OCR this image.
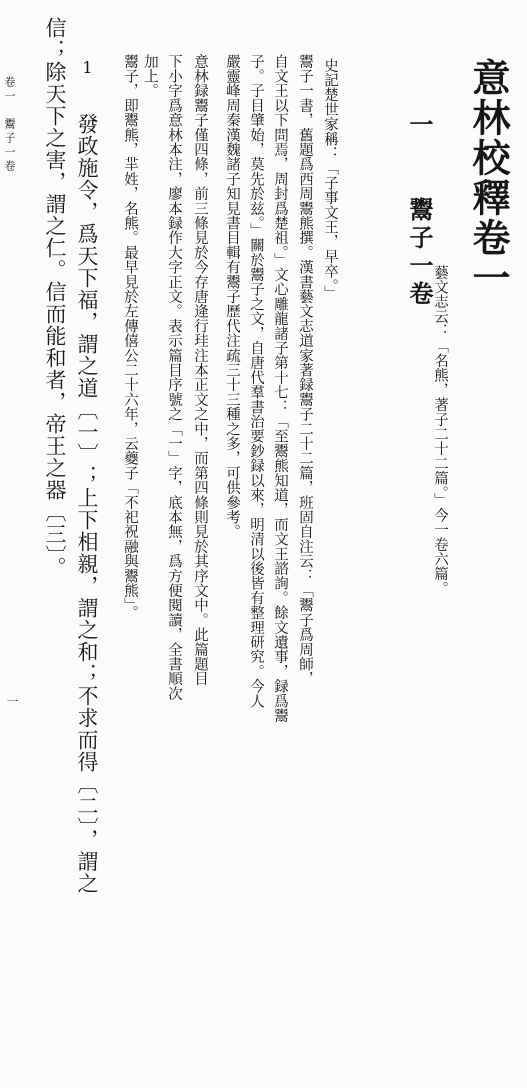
意林校釋卷一
一 鬻子一卷
藝文志云：「名熊，著子二十二篇。」今一卷六篇。
史記楚世家稱：「子事文王，早卒。」
鬻子，即鬻熊，羋姓，名熊。最早見於左傳僖公二十六年，云夔子「不祀祝融與鬻熊」。	鬻子一書，舊題爲西周鬻熊撰。漢書藝文志道家著録鬻子二十二篇，班固自注云：「鬻子爲周師，
自文王以下問焉，周封爲楚祖。」文心雕龍諸子第十七：「至鬻熊知道，而文王諮詢。餘文遺事，録爲鬻
子。子目肇始，莫先於兹。」關於鬻子之文，自唐代羣書治要鈔録以來，明清以後皆有整理研究。今人
嚴靈峰周秦漢魏諸子知見書目輯有鬻子歷代注疏三十三種之多，可供參考。
意林録鬻子僅四條，前三條見於今存唐逄行珪注本正文之中，而第四條則見於其序文中。此篇題目
下小字爲意林本注，廖本録作大字正文。表示篇目序號之「一」字，底本無，爲方便閱讀，全書順次
加上。
1 發政施令，爲天下福，謂之道〔一〕；上下相親，謂之和；不求而得〔二〕，謂之
信；除天下之害，謂之仁。信而能和者，帝王之器〔三〕。
卷一　鬻子一卷
一
